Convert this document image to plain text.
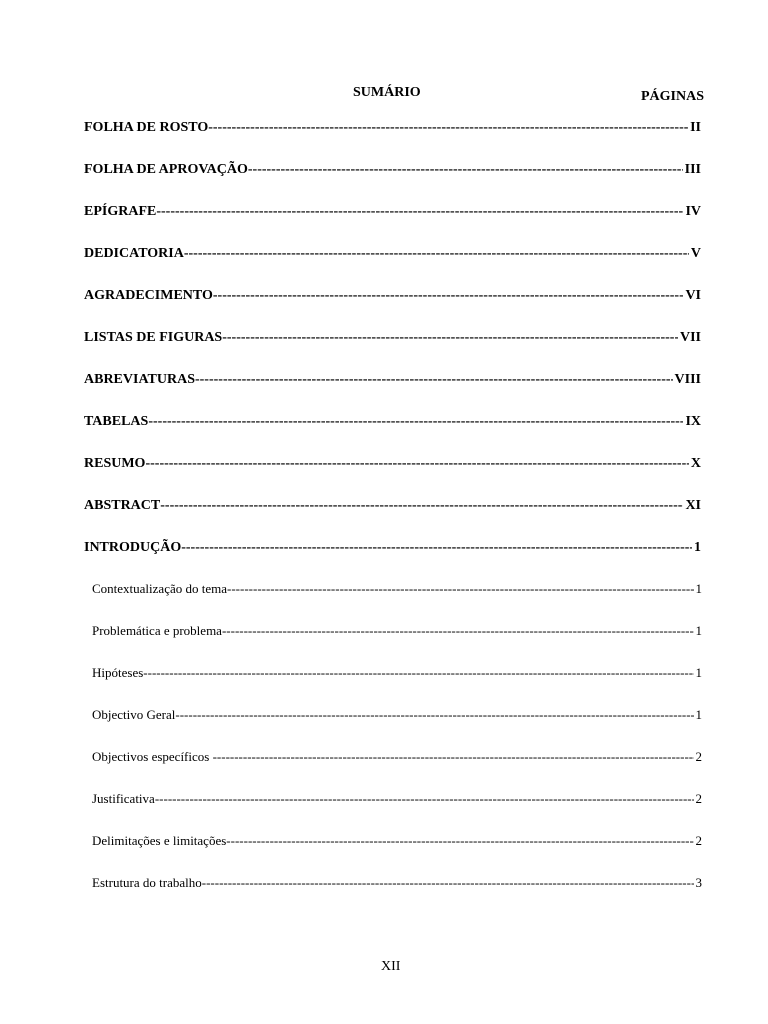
SUMÁRIO	PÁGINAS
FOLHA DE ROSTO -----	II
FOLHA DE APROVAÇÃO -----	III
EPÍGRAFE -----	IV
DEDICATORIA -----	V
AGRADECIMENTO -----	VI
LISTAS DE FIGURAS -----	VII
ABREVIATURAS -----	VIII
TABELAS -----	IX
RESUMO -----	X
ABSTRACT -----	XI
INTRODUÇÃO -----	1
Contextualização do tema -----	1
Problemática e problema -----	1
Hipóteses -----	1
Objectivo Geral -----	1
Objectivos específicos -----	2
Justificativa -----	2
Delimitações e limitações -----	2
Estrutura do trabalho -----	3
XII
